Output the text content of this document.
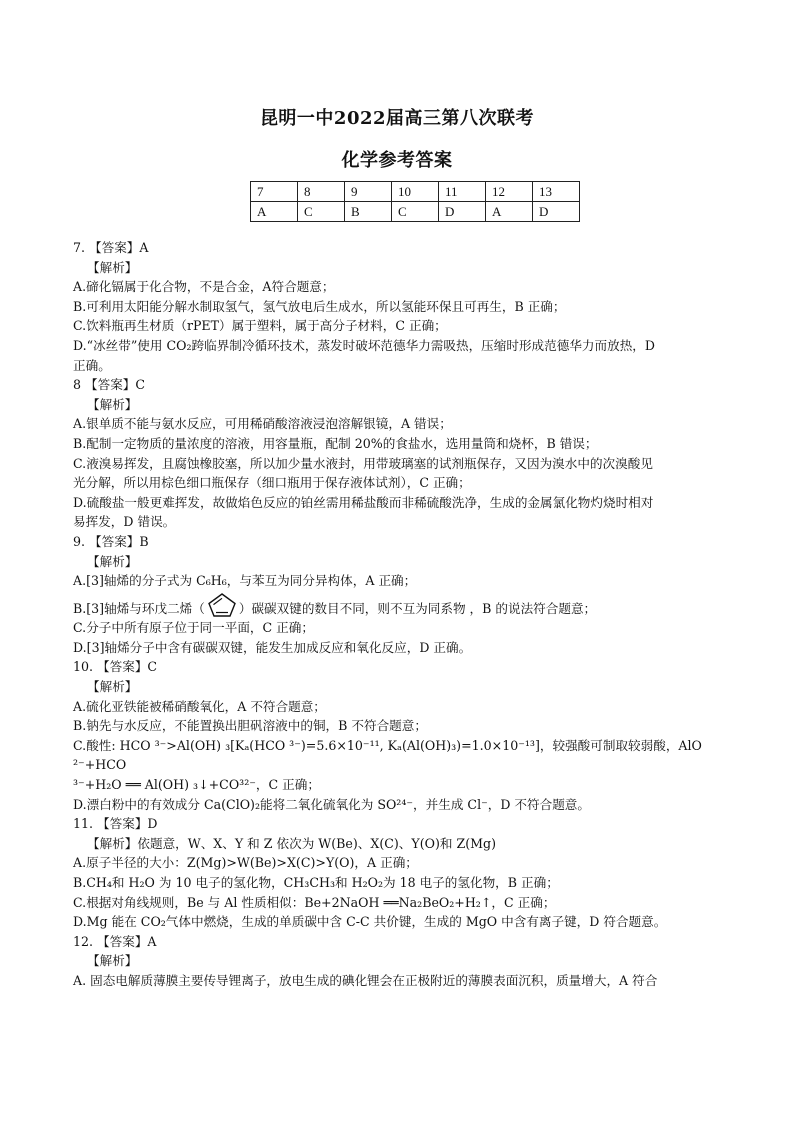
昆明一中2022届高三第八次联考
化学参考答案
7	8	9	10	11	12	13
A	C	B	C	D	A	D

7. 【答案】A

【解析】

A.碲化镉属于化合物，不是合金，A符合题意；

B.可利用太阳能分解水制取氢气，氢气放电后生成水，所以氢能环保且可再生，B 正确；

C.饮料瓶再生材质（rPET）属于塑料，属于高分子材料，C 正确；

D.“冰丝带”使用 CO₂跨临界制冷循环技术，蒸发时破坏范德华力需吸热，压缩时形成范德华力而放热，D

正确。

8 【答案】C

【解析】

A.银单质不能与氨水反应，可用稀硝酸溶液浸泡溶解银镜，A 错误；

B.配制一定物质的量浓度的溶液，用容量瓶，配制 20%的食盐水，选用量筒和烧杯，B 错误；

C.液溴易挥发，且腐蚀橡胶塞，所以加少量水液封，用带玻璃塞的试剂瓶保存，又因为溴水中的次溴酸见

光分解，所以用棕色细口瓶保存（细口瓶用于保存液体试剂），C 正确；

D.硫酸盐一般更难挥发，故做焰色反应的铂丝需用稀盐酸而非稀硫酸洗净，生成的金属氯化物灼烧时相对

易挥发，D 错误。

9. 【答案】B

【解析】

A.[3]轴烯的分子式为 C₆H₆，与苯互为同分异构体，A 正确；

B.[3]轴烯与环戊二烯（	）碳碳双键的数目不同，则不互为同系物 ，B 的说法符合题意；

C.分子中所有原子位于同一平面，C 正确；

D.[3]轴烯分子中含有碳碳双键，能发生加成反应和氧化反应，D 正确。

10. 【答案】C

【解析】

A.硫化亚铁能被稀硝酸氧化，A 不符合题意；

B.钠先与水反应，不能置换出胆矾溶液中的铜，B 不符合题意；

C.酸性: HCO ³⁻>Al(OH) ₃[Kₐ(HCO ³⁻)=5.6×10⁻¹¹, Kₐ(Al(OH)₃)=1.0×10⁻¹³]，较强酸可制取较弱酸，AlO ²⁻+HCO

³⁻+H₂O ══ Al(OH) ₃↓+CO³²⁻，C 正确；

D.漂白粉中的有效成分 Ca(ClO)₂能将二氧化硫氧化为 SO²⁴⁻，并生成 Cl⁻，D 不符合题意。

11. 【答案】D

【解析】依题意，W、X、Y 和 Z 依次为 W(Be)、X(C)、Y(O)和 Z(Mg)

A.原子半径的大小：Z(Mg)>W(Be)>X(C)>Y(O)，A 正确；

B.CH₄和 H₂O 为 10 电子的氢化物，CH₃CH₃和 H₂O₂为 18 电子的氢化物，B 正确；

C.根据对角线规则，Be 与 Al 性质相似：Be+2NaOH ══Na₂BeO₂+H₂↑，C 正确；

D.Mg 能在 CO₂气体中燃烧，生成的单质碳中含 C-C 共价键，生成的 MgO 中含有离子键，D 符合题意。

12. 【答案】A

【解析】

A. 固态电解质薄膜主要传导锂离子，放电生成的碘化锂会在正极附近的薄膜表面沉积，质量增大，A 符合
